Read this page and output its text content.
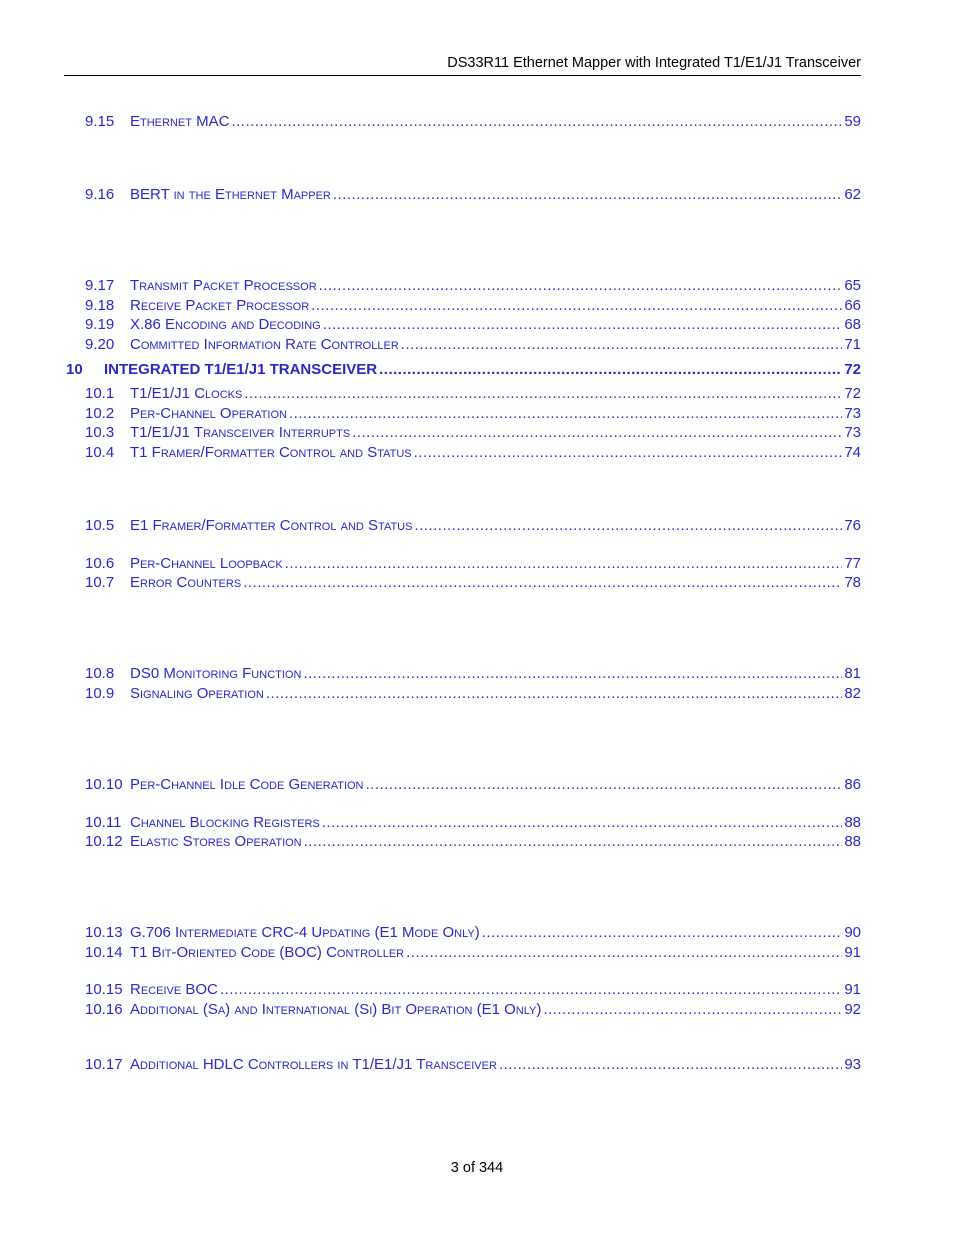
DS33R11 Ethernet Mapper with Integrated T1/E1/J1 Transceiver
9.15	Ethernet MAC .....	59
9.16	BERT in the Ethernet Mapper .....	62
9.17	Transmit Packet Processor .....	65
9.18	Receive Packet Processor .....	66
9.19	X.86 Encoding and Decoding .....	68
9.20	Committed Information Rate Controller .....	71
10	INTEGRATED T1/E1/J1 TRANSCEIVER .....	72
10.1	T1/E1/J1 Clocks .....	72
10.2	Per-Channel Operation .....	73
10.3	T1/E1/J1 Transceiver Interrupts .....	73
10.4	T1 Framer/Formatter Control and Status .....	74
10.5	E1 Framer/Formatter Control and Status .....	76
10.6	Per-Channel Loopback .....	77
10.7	Error Counters .....	78
10.8	DS0 Monitoring Function .....	81
10.9	Signaling Operation .....	82
10.10 Per-Channel Idle Code Generation .....	86
10.11 Channel Blocking Registers .....	88
10.12 Elastic Stores Operation .....	88
10.13 G.706 Intermediate CRC-4 Updating (E1 Mode Only) .....	90
10.14 T1 Bit-Oriented Code (BOC) Controller .....	91
10.15 Receive BOC .....	91
10.16 Additional (Sa) and International (Si) Bit Operation (E1 Only) .....	92
10.17 Additional HDLC Controllers in T1/E1/J1 Transceiver .....	93
3 of 344
